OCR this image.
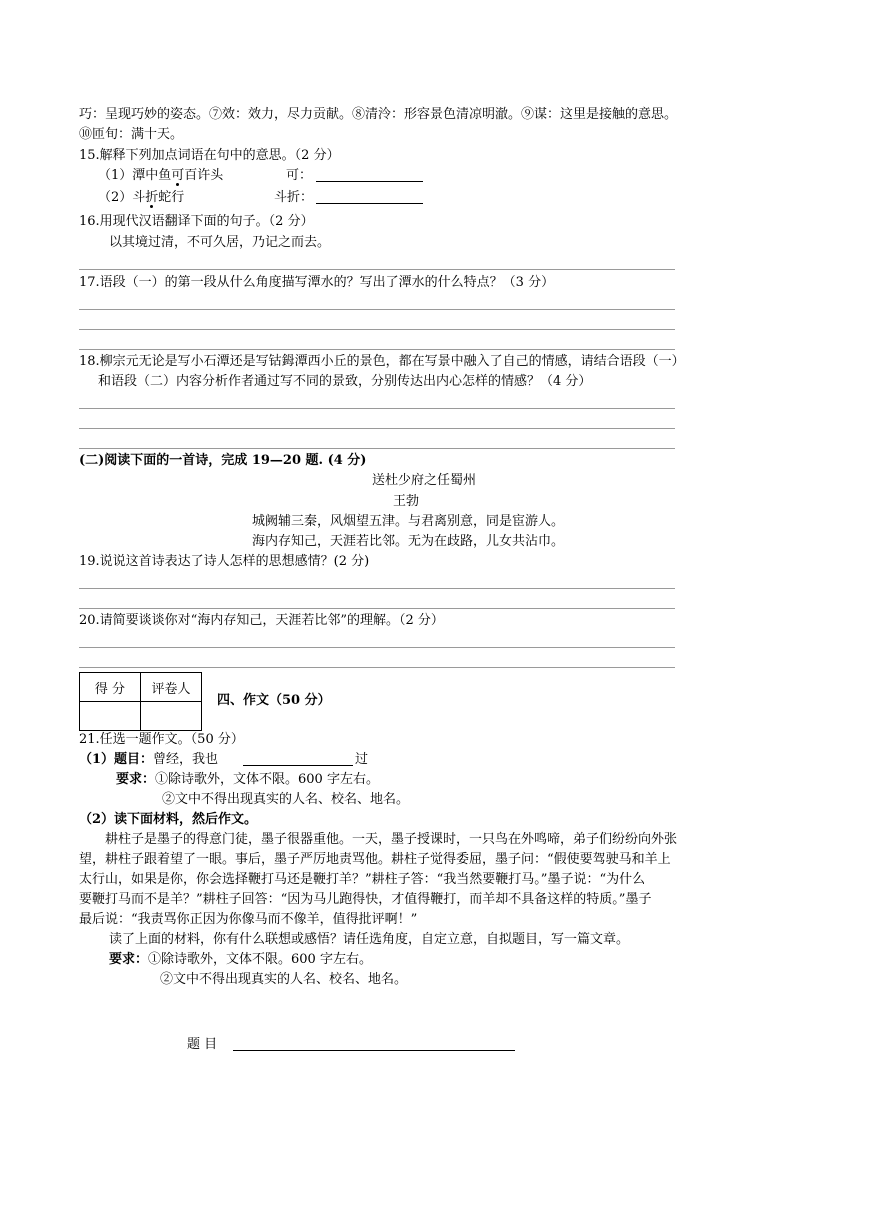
巧：呈现巧妙的姿态。⑦效：效力，尽力贡献。⑧清泠：形容景色清凉明澈。⑨谋：这里是接触的意思。
⑩匝旬：满十天。
15.解释下列加点词语在句中的意思。（2 分）
（1）潭中鱼可百许头	可：
（2）斗折蛇行	斗折：
16.用现代汉语翻译下面的句子。（2 分）
以其境过清，不可久居，乃记之而去。
17.语段（一）的第一段从什么角度描写潭水的？写出了潭水的什么特点？（3 分）
18.柳宗元无论是写小石潭还是写钴鉧潭西小丘的景色，都在写景中融入了自己的情感，请结合语段（一）
和语段（二）内容分析作者通过写不同的景致，分别传达出内心怎样的情感？（4 分）
(二)阅读下面的一首诗，完成 19—20 题. (4 分)
送杜少府之任蜀州
王勃
城阙辅三秦，风烟望五津。与君离别意，同是宦游人。
海内存知己，天涯若比邻。无为在歧路，儿女共沾巾。
19.说说这首诗表达了诗人怎样的思想感情？(2 分)
20.请简要谈谈你对“海内存知己，天涯若比邻”的理解。（2 分）
得 分	评卷人

四、作文（50 分）
21.任选一题作文。（50 分）
（1）题目：曾经，我也	过
要求：①除诗歌外，文体不限。600 字左右。
②文中不得出现真实的人名、校名、地名。
（2）读下面材料，然后作文。
耕柱子是墨子的得意门徒，墨子很器重他。一天，墨子授课时，一只鸟在外鸣啼，弟子们纷纷向外张
望，耕柱子跟着望了一眼。事后，墨子严厉地责骂他。耕柱子觉得委屈，墨子问：“假使要驾驶马和羊上
太行山，如果是你，你会选择鞭打马还是鞭打羊？”耕柱子答：“我当然要鞭打马。”墨子说：“为什么
要鞭打马而不是羊？”耕柱子回答：“因为马儿跑得快，才值得鞭打，而羊却不具备这样的特质。”墨子
最后说：“我责骂你正因为你像马而不像羊，值得批评啊！”
读了上面的材料，你有什么联想或感悟？请任选角度，自定立意，自拟题目，写一篇文章。
要求：①除诗歌外，文体不限。600 字左右。
②文中不得出现真实的人名、校名、地名。
题 目
